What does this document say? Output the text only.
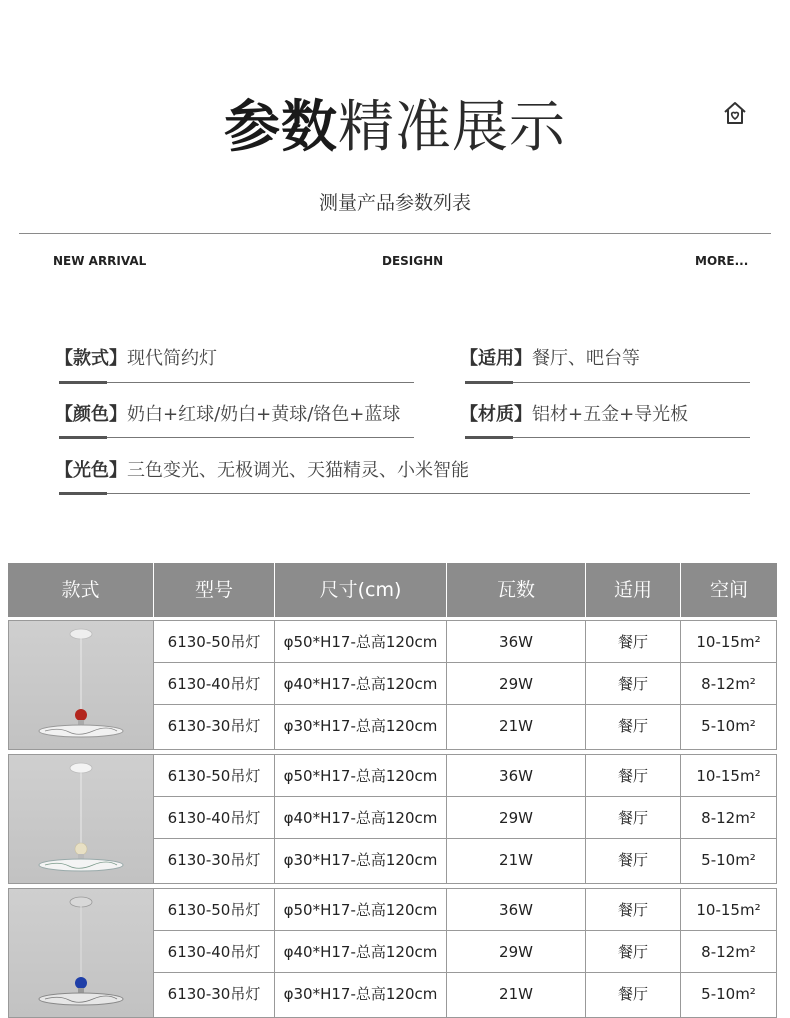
参数精准展示
测量产品参数列表
NEW ARRIVAL	DESIGHN	MORE...
【款式】现代简约灯	【适用】餐厅、吧台等
【颜色】奶白+红球/奶白+黄球/铬色+蓝球	【材质】铝材+五金+导光板
【光色】三色变光、无极调光、天猫精灵、小米智能
款式	型号	尺寸(cm)	瓦数	适用	空间
6130-50吊灯	φ50*H17-总高120cm	36W	餐厅	10-15m²
6130-40吊灯	φ40*H17-总高120cm	29W	餐厅	8-12m²
6130-30吊灯	φ30*H17-总高120cm	21W	餐厅	5-10m²
6130-50吊灯	φ50*H17-总高120cm	36W	餐厅	10-15m²
6130-40吊灯	φ40*H17-总高120cm	29W	餐厅	8-12m²
6130-30吊灯	φ30*H17-总高120cm	21W	餐厅	5-10m²
6130-50吊灯	φ50*H17-总高120cm	36W	餐厅	10-15m²
6130-40吊灯	φ40*H17-总高120cm	29W	餐厅	8-12m²
6130-30吊灯	φ30*H17-总高120cm	21W	餐厅	5-10m²
